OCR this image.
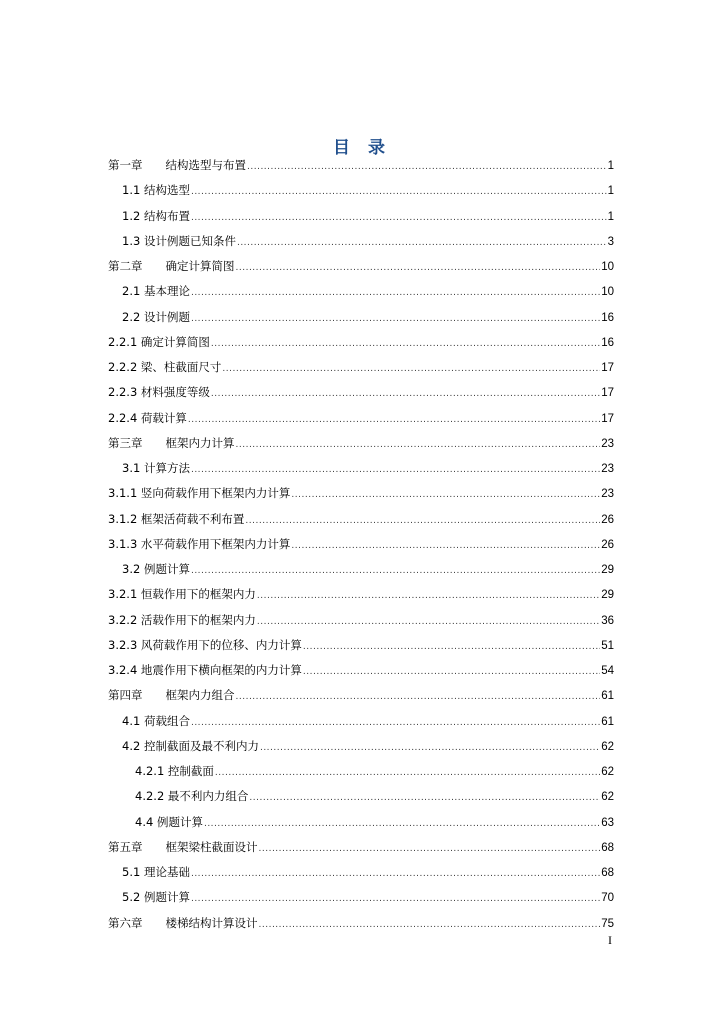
目 录
第一章　　结构选型与布置 .....	1
1.1 结构选型 .....	1
1.2 结构布置 .....	1
1.3 设计例题已知条件 .....	3
第二章　　确定计算简图 .....	10
2.1 基本理论 .....	10
2.2 设计例题 .....	16
2.2.1 确定计算简图 .....	16
2.2.2 梁、柱截面尺寸 .....	17
2.2.3 材料强度等级 .....	17
2.2.4 荷载计算 .....	17
第三章　　框架内力计算 .....	23
3.1 计算方法 .....	23
3.1.1 竖向荷载作用下框架内力计算 .....	23
3.1.2 框架活荷载不利布置 .....	26
3.1.3 水平荷载作用下框架内力计算 .....	26
3.2 例题计算 .....	29
3.2.1 恒载作用下的框架内力 .....	29
3.2.2 活载作用下的框架内力 .....	36
3.2.3 风荷载作用下的位移、内力计算 .....	51
3.2.4 地震作用下横向框架的内力计算 .....	54
第四章　　框架内力组合 .....	61
4.1 荷载组合 .....	61
4.2 控制截面及最不利内力 .....	62
4.2.1 控制截面 .....	62
4.2.2 最不利内力组合 .....	62
4.4 例题计算 .....	63
第五章　　框架梁柱截面设计 .....	68
5.1 理论基础 .....	68
5.2 例题计算 .....	70
第六章　　楼梯结构计算设计 .....	75
I
